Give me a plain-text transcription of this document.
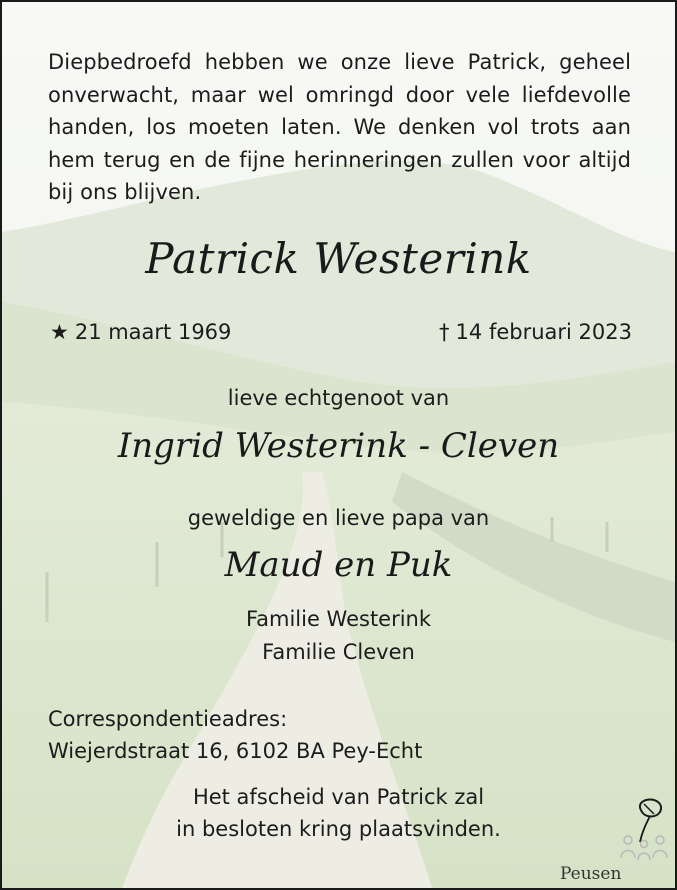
Diepbedroefd hebben we onze lieve Patrick, geheel onverwacht, maar wel omringd door vele liefdevolle handen, los moeten laten. We denken vol trots aan hem terug en de fijne herinneringen zullen voor altijd bij ons blijven.
Patrick Westerink
★ 21 maart 1969	† 14 februari 2023
lieve echtgenoot van
Ingrid Westerink - Cleven
geweldige en lieve papa van
Maud en Puk
Familie Westerink
Familie Cleven
Correspondentieadres:
Wiejerdstraat 16, 6102 BA Pey-Echt
Het afscheid van Patrick zal
in besloten kring plaatsvinden.
Peusen
